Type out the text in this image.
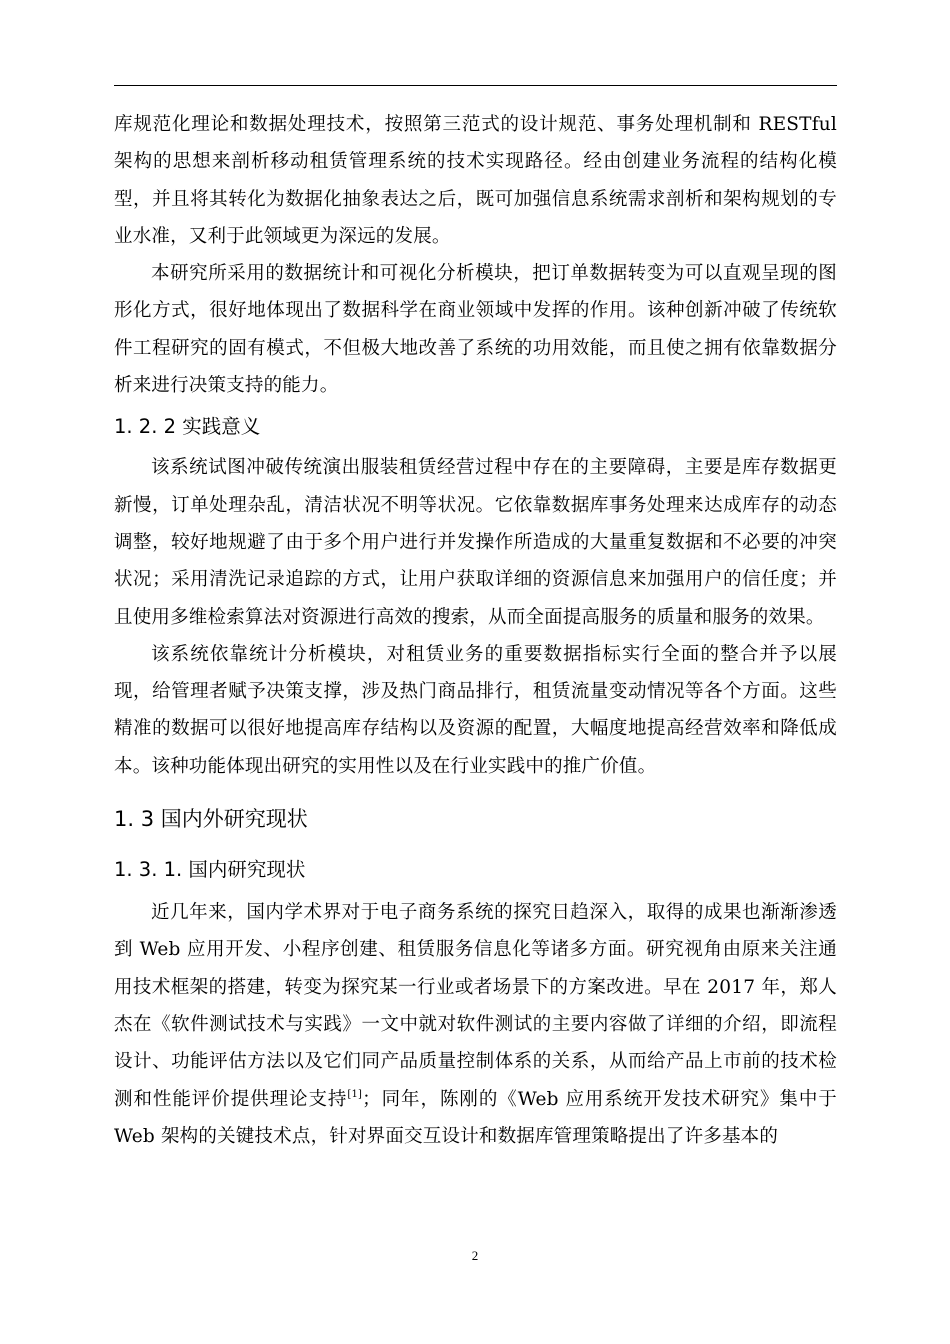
库规范化理论和数据处理技术，按照第三范式的设计规范、事务处理机制和 RESTful 架构的思想来剖析移动租赁管理系统的技术实现路径。经由创建业务流程的结构化模型，并且将其转化为数据化抽象表达之后，既可加强信息系统需求剖析和架构规划的专业水准，又利于此领域更为深远的发展。

本研究所采用的数据统计和可视化分析模块，把订单数据转变为可以直观呈现的图形化方式，很好地体现出了数据科学在商业领域中发挥的作用。该种创新冲破了传统软件工程研究的固有模式，不但极大地改善了系统的功用效能，而且使之拥有依靠数据分析来进行决策支持的能力。

1. 2. 2 实践意义

该系统试图冲破传统演出服装租赁经营过程中存在的主要障碍，主要是库存数据更新慢，订单处理杂乱，清洁状况不明等状况。它依靠数据库事务处理来达成库存的动态调整，较好地规避了由于多个用户进行并发操作所造成的大量重复数据和不必要的冲突状况；采用清洗记录追踪的方式，让用户获取详细的资源信息来加强用户的信任度；并且使用多维检索算法对资源进行高效的搜索，从而全面提高服务的质量和服务的效果。

该系统依靠统计分析模块，对租赁业务的重要数据指标实行全面的整合并予以展现，给管理者赋予决策支撑，涉及热门商品排行，租赁流量变动情况等各个方面。这些精准的数据可以很好地提高库存结构以及资源的配置，大幅度地提高经营效率和降低成本。该种功能体现出研究的实用性以及在行业实践中的推广价值。

1. 3 国内外研究现状
1. 3. 1. 国内研究现状

近几年来，国内学术界对于电子商务系统的探究日趋深入，取得的成果也渐渐渗透到 Web 应用开发、小程序创建、租赁服务信息化等诸多方面。研究视角由原来关注通用技术框架的搭建，转变为探究某一行业或者场景下的方案改进。早在 2017 年，郑人杰在《软件测试技术与实践》一文中就对软件测试的主要内容做了详细的介绍，即流程设计、功能评估方法以及它们同产品质量控制体系的关系，从而给产品上市前的技术检测和性能评价提供理论支持[1]；同年，陈刚的《Web 应用系统开发技术研究》集中于 Web 架构的关键技术点，针对界面交互设计和数据库管理策略提出了许多基本的

2
